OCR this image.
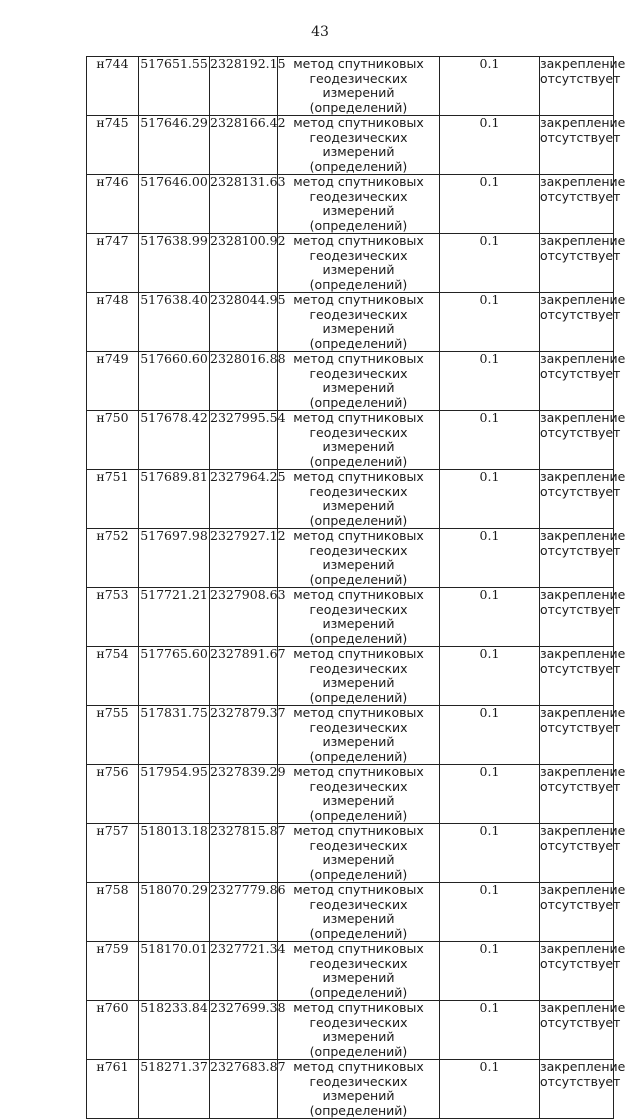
43
н744	517651.55	2328192.15	метод спутниковых
геодезических измерений
(определений)	0.1	закрепление
отсутствует

н745	517646.29	2328166.42	метод спутниковых
геодезических измерений
(определений)	0.1	закрепление
отсутствует

н746	517646.00	2328131.63	метод спутниковых
геодезических измерений
(определений)	0.1	закрепление
отсутствует

н747	517638.99	2328100.92	метод спутниковых
геодезических измерений
(определений)	0.1	закрепление
отсутствует

н748	517638.40	2328044.95	метод спутниковых
геодезических измерений
(определений)	0.1	закрепление
отсутствует

н749	517660.60	2328016.88	метод спутниковых
геодезических измерений
(определений)	0.1	закрепление
отсутствует

н750	517678.42	2327995.54	метод спутниковых
геодезических измерений
(определений)	0.1	закрепление
отсутствует

н751	517689.81	2327964.25	метод спутниковых
геодезических измерений
(определений)	0.1	закрепление
отсутствует

н752	517697.98	2327927.12	метод спутниковых
геодезических измерений
(определений)	0.1	закрепление
отсутствует

н753	517721.21	2327908.63	метод спутниковых
геодезических измерений
(определений)	0.1	закрепление
отсутствует

н754	517765.60	2327891.67	метод спутниковых
геодезических измерений
(определений)	0.1	закрепление
отсутствует

н755	517831.75	2327879.37	метод спутниковых
геодезических измерений
(определений)	0.1	закрепление
отсутствует

н756	517954.95	2327839.29	метод спутниковых
геодезических измерений
(определений)	0.1	закрепление
отсутствует

н757	518013.18	2327815.87	метод спутниковых
геодезических измерений
(определений)	0.1	закрепление
отсутствует

н758	518070.29	2327779.86	метод спутниковых
геодезических измерений
(определений)	0.1	закрепление
отсутствует

н759	518170.01	2327721.34	метод спутниковых
геодезических измерений
(определений)	0.1	закрепление
отсутствует

н760	518233.84	2327699.38	метод спутниковых
геодезических измерений
(определений)	0.1	закрепление
отсутствует

н761	518271.37	2327683.87	метод спутниковых
геодезических измерений
(определений)	0.1	закрепление
отсутствует
